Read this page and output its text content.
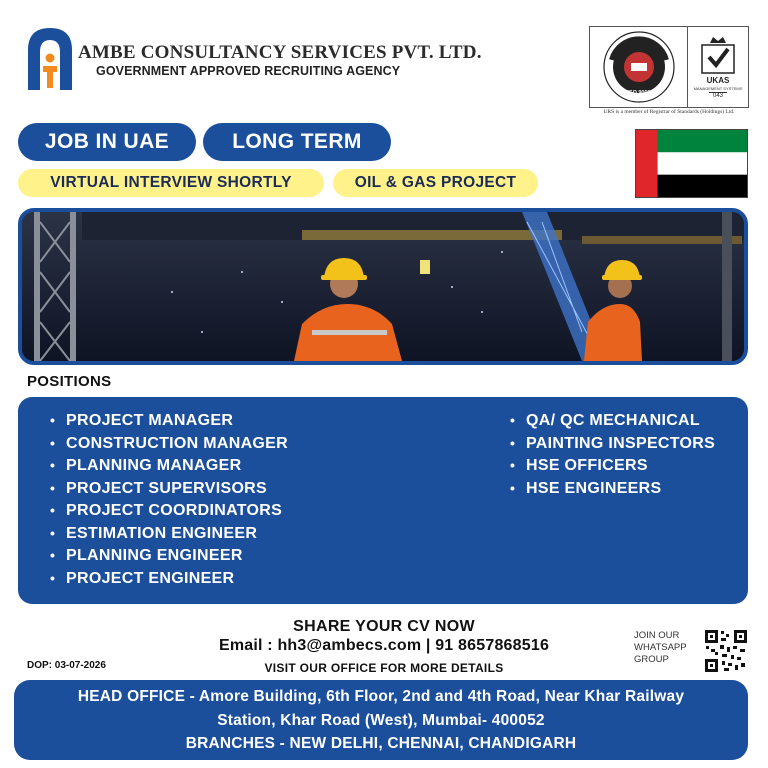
AMBE CONSULTANCY SERVICES PVT. LTD.
GOVERNMENT APPROVED RECRUITING AGENCY
ISO 9001
UKAS
MANAGEMENT SYSTEMS
043
URS is a member of Registrar of Standards (Holdings) Ltd.
JOB IN UAE	LONG TERM
VIRTUAL INTERVIEW SHORTLY	OIL & GAS PROJECT
POSITIONS
• PROJECT MANAGER
• CONSTRUCTION MANAGER
• PLANNING MANAGER
• PROJECT SUPERVISORS
• PROJECT COORDINATORS
• ESTIMATION ENGINEER
• PLANNING ENGINEER
• PROJECT ENGINEER
• QA/ QC MECHANICAL
• PAINTING INSPECTORS
• HSE OFFICERS
• HSE ENGINEERS
SHARE YOUR CV NOW
Email : hh3@ambecs.com | 91 8657868516
VISIT OUR OFFICE FOR MORE DETAILS
DOP: 03-07-2026
JOIN OUR
WHATSAPP
GROUP
HEAD OFFICE - Amore Building, 6th Floor, 2nd and 4th Road, Near Khar Railway
Station, Khar Road (West), Mumbai- 400052
BRANCHES - NEW DELHI, CHENNAI, CHANDIGARH
